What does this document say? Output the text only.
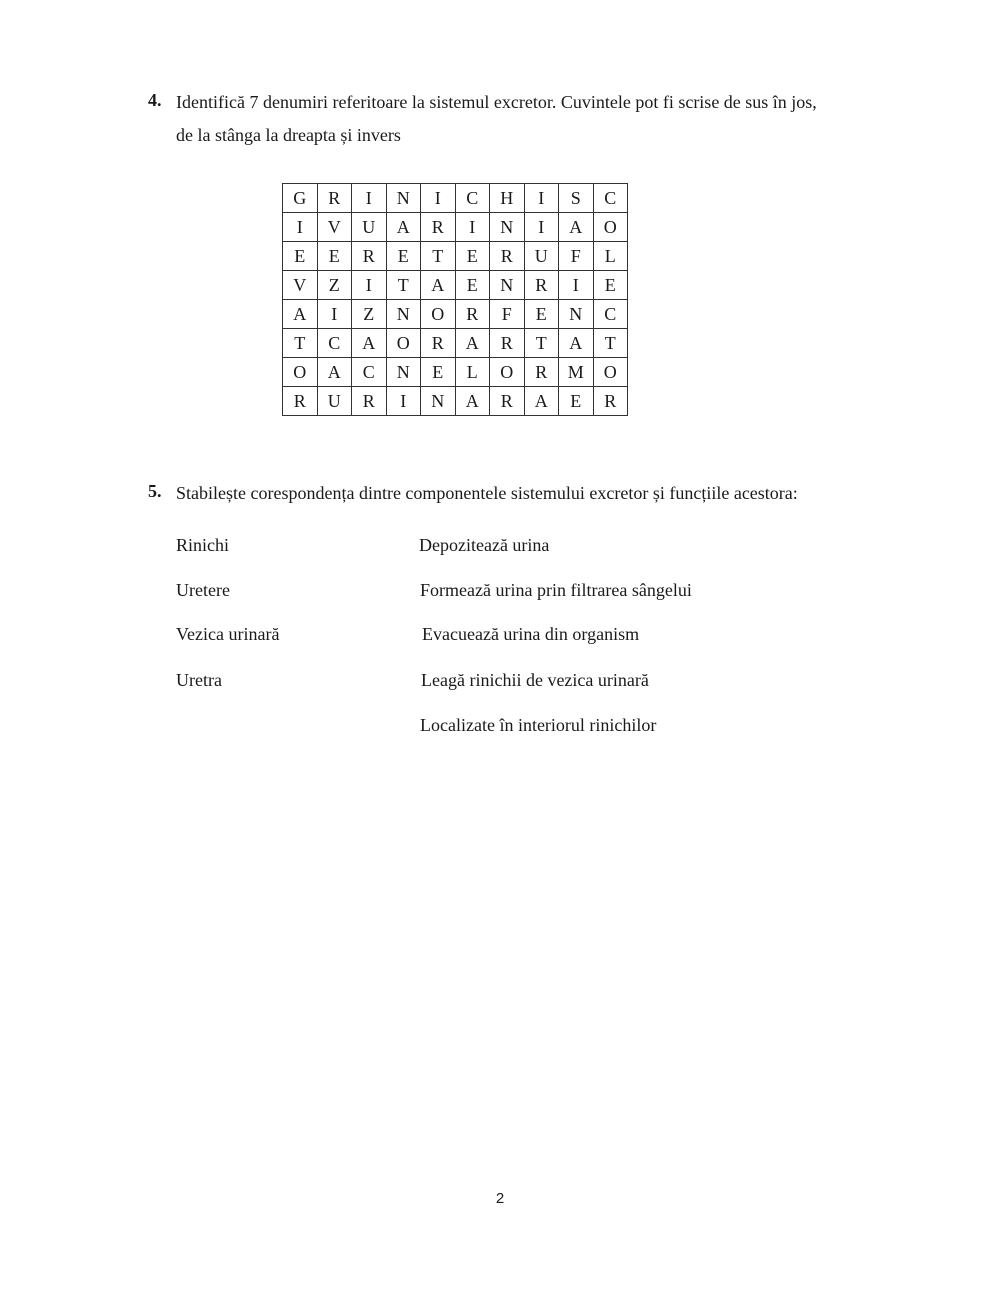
4. Identifică 7 denumiri referitoare la sistemul excretor. Cuvintele pot fi scrise de sus în jos,
de la stânga la dreapta și invers
G	R	I	N	I	C	H	I	S	C
I	V	U	A	R	I	N	I	A	O
E	E	R	E	T	E	R	U	F	L
V	Z	I	T	A	E	N	R	I	E
A	I	Z	N	O	R	F	E	N	C
T	C	A	O	R	A	R	T	A	T
O	A	C	N	E	L	O	R	M	O
R	U	R	I	N	A	R	A	E	R
5. Stabilește corespondența dintre componentele sistemului excretor și funcțiile acestora:
Rinichi
Uretere
Vezica urinară
Uretra
Depozitează urina
Formează urina prin filtrarea sângelui
Evacuează urina din organism
Leagă rinichii de vezica urinară
Localizate în interiorul rinichilor
2
